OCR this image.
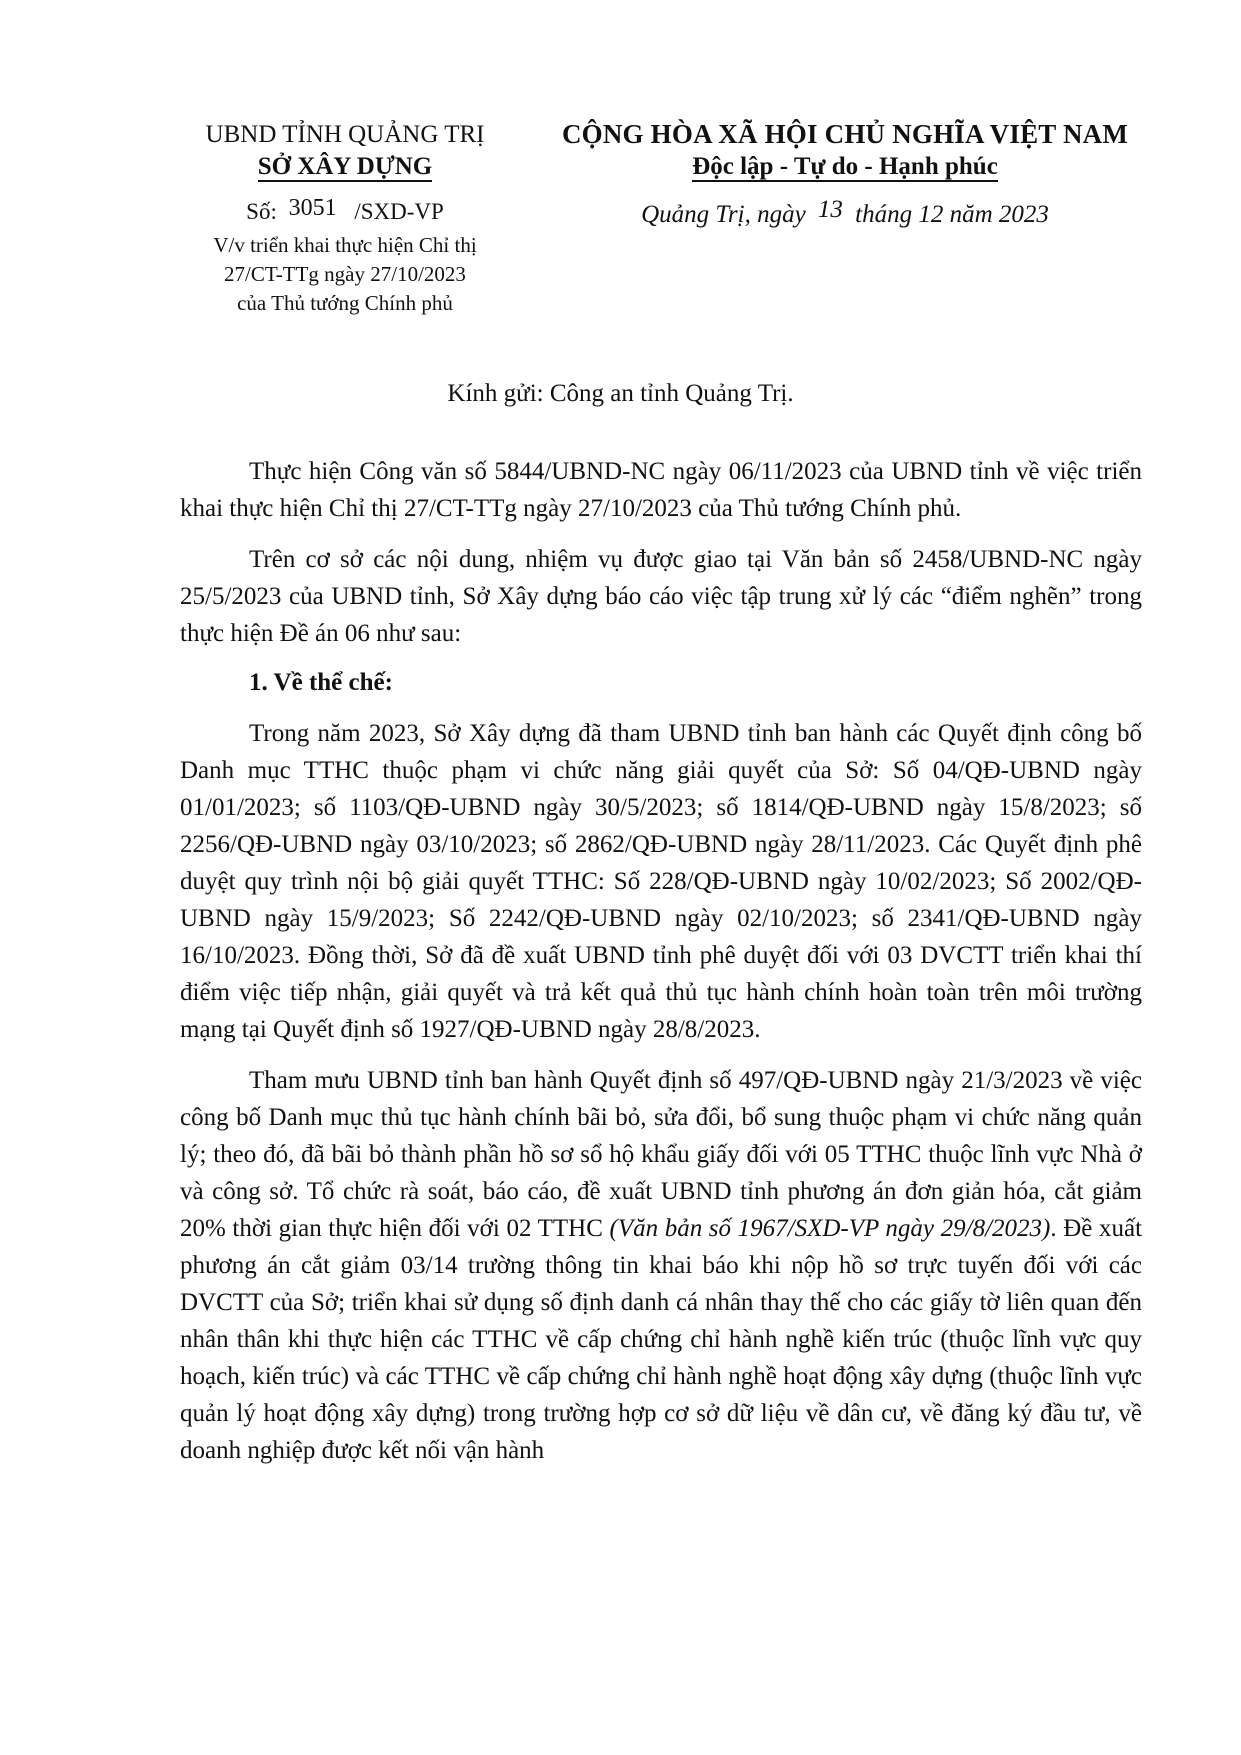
UBND TỈNH QUẢNG TRỊ
SỞ XÂY DỰNG
Số: 3051 /SXD-VP
V/v triển khai thực hiện Chỉ thị
27/CT-TTg ngày 27/10/2023
của Thủ tướng Chính phủ
CỘNG HÒA XÃ HỘI CHỦ NGHĨA VIỆT NAM
Độc lập - Tự do - Hạnh phúc
Quảng Trị, ngày 13 tháng 12 năm 2023
Kính gửi: Công an tỉnh Quảng Trị.

Thực hiện Công văn số 5844/UBND-NC ngày 06/11/2023 của UBND tỉnh về việc triển khai thực hiện Chỉ thị 27/CT-TTg ngày 27/10/2023 của Thủ tướng Chính phủ.

Trên cơ sở các nội dung, nhiệm vụ được giao tại Văn bản số 2458/UBND-NC ngày 25/5/2023 của UBND tỉnh, Sở Xây dựng báo cáo việc tập trung xử lý các “điểm nghẽn” trong thực hiện Đề án 06 như sau:

1. Về thể chế:

Trong năm 2023, Sở Xây dựng đã tham UBND tỉnh ban hành các Quyết định công bố Danh mục TTHC thuộc phạm vi chức năng giải quyết của Sở: Số 04/QĐ-UBND ngày 01/01/2023; số 1103/QĐ-UBND ngày 30/5/2023; số 1814/QĐ-UBND ngày 15/8/2023; số 2256/QĐ-UBND ngày 03/10/2023; số 2862/QĐ-UBND ngày 28/11/2023. Các Quyết định phê duyệt quy trình nội bộ giải quyết TTHC: Số 228/QĐ-UBND ngày 10/02/2023; Số 2002/QĐ-UBND ngày 15/9/2023; Số 2242/QĐ-UBND ngày 02/10/2023; số 2341/QĐ-UBND ngày 16/10/2023. Đồng thời, Sở đã đề xuất UBND tỉnh phê duyệt đối với 03 DVCTT triển khai thí điểm việc tiếp nhận, giải quyết và trả kết quả thủ tục hành chính hoàn toàn trên môi trường mạng tại Quyết định số 1927/QĐ-UBND ngày 28/8/2023.

Tham mưu UBND tỉnh ban hành Quyết định số 497/QĐ-UBND ngày 21/3/2023 về việc công bố Danh mục thủ tục hành chính bãi bỏ, sửa đổi, bổ sung thuộc phạm vi chức năng quản lý; theo đó, đã bãi bỏ thành phần hồ sơ sổ hộ khẩu giấy đối với 05 TTHC thuộc lĩnh vực Nhà ở và công sở. Tổ chức rà soát, báo cáo, đề xuất UBND tỉnh phương án đơn giản hóa, cắt giảm 20% thời gian thực hiện đối với 02 TTHC (Văn bản số 1967/SXD-VP ngày 29/8/2023). Đề xuất phương án cắt giảm 03/14 trường thông tin khai báo khi nộp hồ sơ trực tuyến đối với các DVCTT của Sở; triển khai sử dụng số định danh cá nhân thay thế cho các giấy tờ liên quan đến nhân thân khi thực hiện các TTHC về cấp chứng chỉ hành nghề kiến trúc (thuộc lĩnh vực quy hoạch, kiến trúc) và các TTHC về cấp chứng chỉ hành nghề hoạt động xây dựng (thuộc lĩnh vực quản lý hoạt động xây dựng) trong trường hợp cơ sở dữ liệu về dân cư, về đăng ký đầu tư, về doanh nghiệp được kết nối vận hành
